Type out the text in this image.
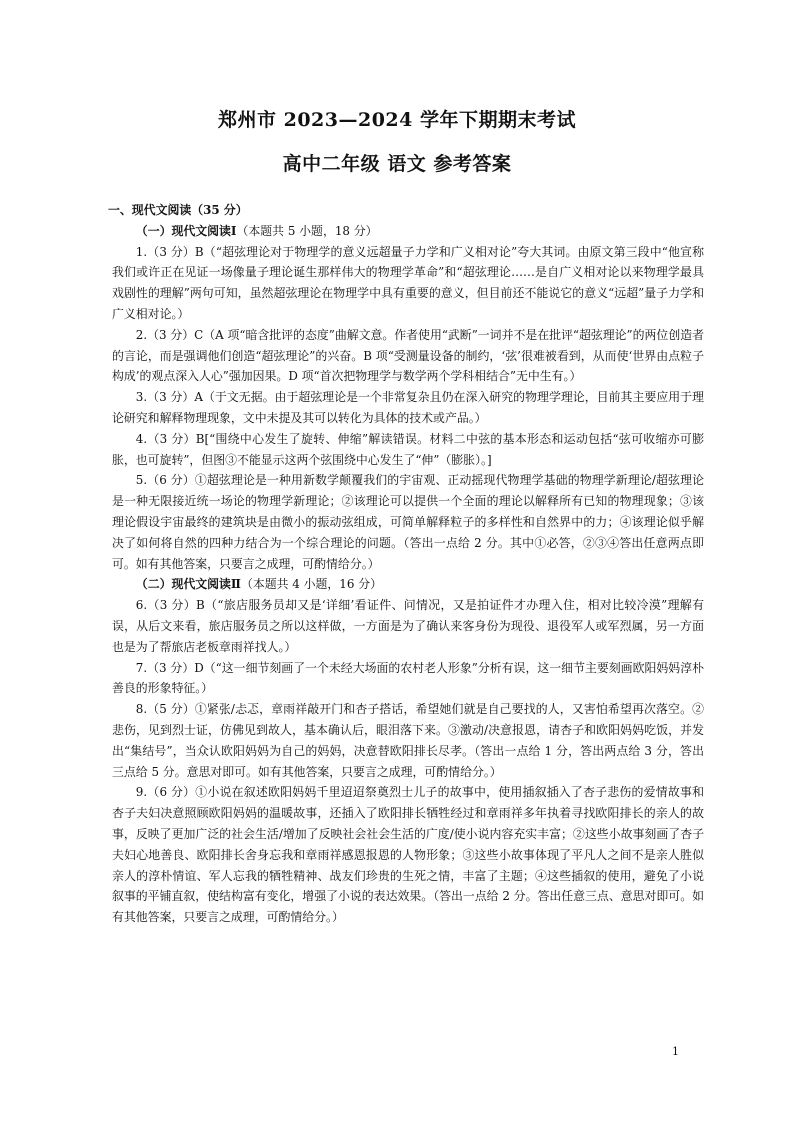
郑州市 2023—2024 学年下期期末考试
高中二年级 语文 参考答案

一、现代文阅读（35 分）

（一）现代文阅读Ⅰ（本题共 5 小题，18 分）

1.（3 分）B（“超弦理论对于物理学的意义远超量子力学和广义相对论”夸大其词。由原文第三段中“他宣称我们或许正在见证一场像量子理论诞生那样伟大的物理学革命”和“超弦理论……是自广义相对论以来物理学最具戏剧性的理解”两句可知，虽然超弦理论在物理学中具有重要的意义，但目前还不能说它的意义“远超”量子力学和广义相对论。）

2.（3 分）C（A 项“暗含批评的态度”曲解文意。作者使用“武断”一词并不是在批评“超弦理论”的两位创造者的言论，而是强调他们创造“超弦理论”的兴奋。B 项“受测量设备的制约，‘弦’很难被看到，从而使‘世界由点粒子构成’的观点深入人心”强加因果。D 项“首次把物理学与数学两个学科相结合”无中生有。）

3.（3 分）A（于文无据。由于超弦理论是一个非常复杂且仍在深入研究的物理学理论，目前其主要应用于理论研究和解释物理现象，文中未提及其可以转化为具体的技术或产品。）

4.（3 分）B[“围绕中心发生了旋转、伸缩”解读错误。材料二中弦的基本形态和运动包括“弦可收缩亦可膨胀，也可旋转”，但图③不能显示这两个弦围绕中心发生了“伸”（膨胀）。]

5.（6 分）①超弦理论是一种用新数学颠覆我们的宇宙观、正动摇现代物理学基础的物理学新理论/超弦理论是一种无限接近统一场论的物理学新理论；②该理论可以提供一个全面的理论以解释所有已知的物理现象；③该理论假设宇宙最终的建筑块是由微小的振动弦组成，可简单解释粒子的多样性和自然界中的力；④该理论似乎解决了如何将自然的四种力结合为一个综合理论的问题。（答出一点给 2 分。其中①必答，②③④答出任意两点即可。如有其他答案，只要言之成理，可酌情给分。）

（二）现代文阅读Ⅱ（本题共 4 小题，16 分）

6.（3 分）B（“旅店服务员却又是‘详细’看证件、问情况，又是拍证件才办理入住，相对比较冷漠”理解有误，从后文来看，旅店服务员之所以这样做，一方面是为了确认来客身份为现役、退役军人或军烈属，另一方面也是为了帮旅店老板章雨祥找人。）

7.（3 分）D（“这一细节刻画了一个未经大场面的农村老人形象”分析有误，这一细节主要刻画欧阳妈妈淳朴善良的形象特征。）

8.（5 分）①紧张/忐忑，章雨祥敲开门和杏子搭话，希望她们就是自己要找的人，又害怕希望再次落空。②悲伤，见到烈士证，仿佛见到故人，基本确认后，眼泪落下来。③激动/决意报恩，请杏子和欧阳妈妈吃饭，并发出“集结号”，当众认欧阳妈妈为自己的妈妈，决意替欧阳排长尽孝。（答出一点给 1 分，答出两点给 3 分，答出三点给 5 分。意思对即可。如有其他答案，只要言之成理，可酌情给分。）

9.（6 分）①小说在叙述欧阳妈妈千里迢迢祭奠烈士儿子的故事中，使用插叙插入了杏子悲伤的爱情故事和杏子夫妇决意照顾欧阳妈妈的温暖故事，还插入了欧阳排长牺牲经过和章雨祥多年执着寻找欧阳排长的亲人的故事，反映了更加广泛的社会生活/增加了反映社会社会生活的广度/使小说内容充实丰富；②这些小故事刻画了杏子夫妇心地善良、欧阳排长舍身忘我和章雨祥感恩报恩的人物形象；③这些小故事体现了平凡人之间不是亲人胜似亲人的淳朴情谊、军人忘我的牺牲精神、战友们珍贵的生死之情，丰富了主题；④这些插叙的使用，避免了小说叙事的平铺直叙，使结构富有变化，增强了小说的表达效果。（答出一点给 2 分。答出任意三点、意思对即可。如有其他答案，只要言之成理，可酌情给分。）

1
